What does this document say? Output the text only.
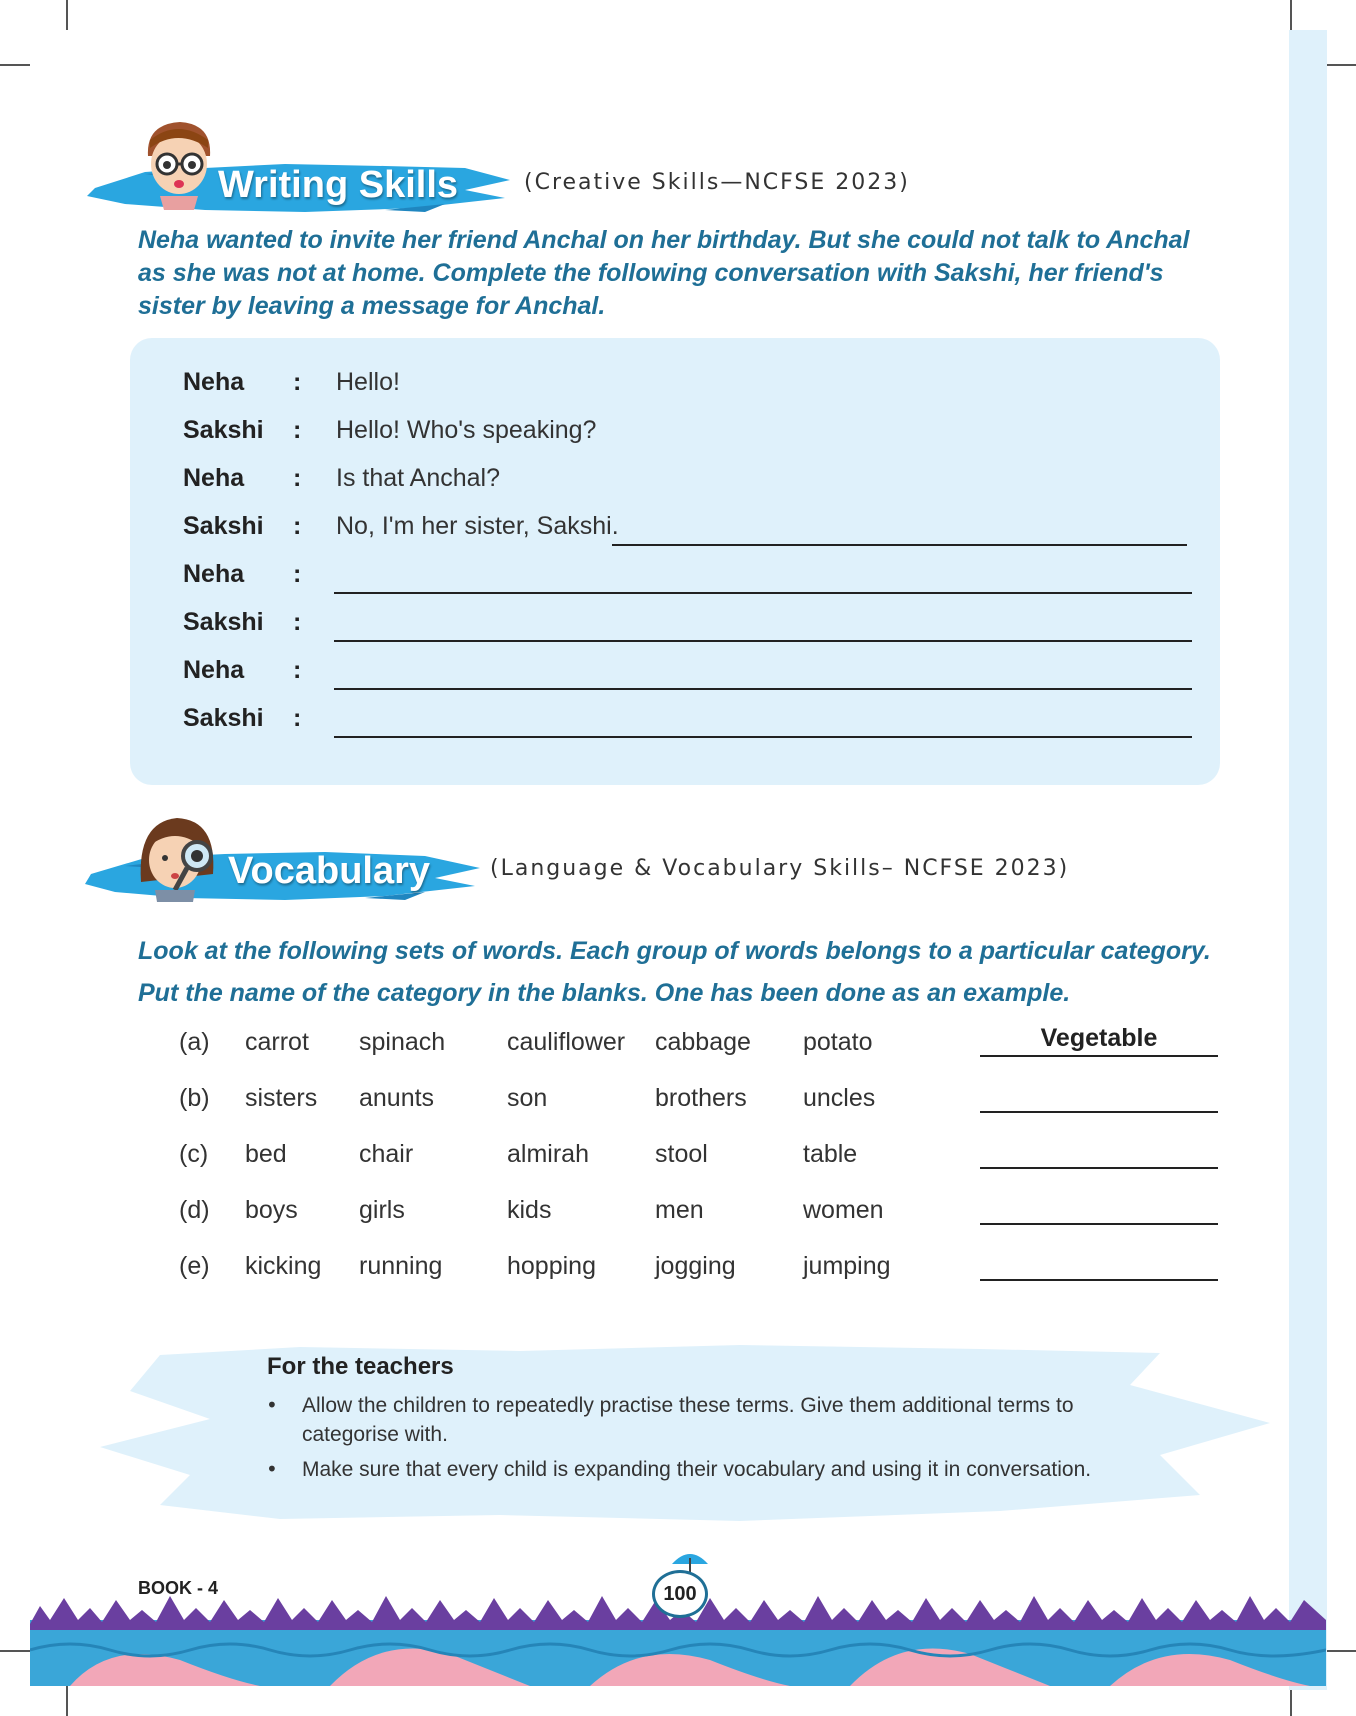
Writing Skills	(Creative Skills—NCFSE 2023)
Neha wanted to invite her friend Anchal on her birthday. But she could not talk to Anchal as she was not at home. Complete the following conversation with Sakshi, her friend's sister by leaving a message for Anchal.
Neha : Hello!
Sakshi : Hello! Who's speaking?
Neha : Is that Anchal?
Sakshi : No, I'm her sister, Sakshi.
Neha :
Sakshi :
Neha :
Sakshi :
Vocabulary	(Language & Vocabulary Skills– NCFSE 2023)
Look at the following sets of words. Each group of words belongs to a particular category. Put the name of the category in the blanks. One has been done as an example.
(a) carrot spinach cauliflower cabbage potato	Vegetable
(b) sisters anunts	son	brothers uncles
(c) bed	chair	almirah	stool	table
(d) boys girls	kids	men	women
(e) kicking running	hopping jogging	jumping
For the teachers
• Allow the children to repeatedly practise these terms. Give them additional terms to categorise with.
• Make sure that every child is expanding their vocabulary and using it in conversation.
BOOK - 4	100
